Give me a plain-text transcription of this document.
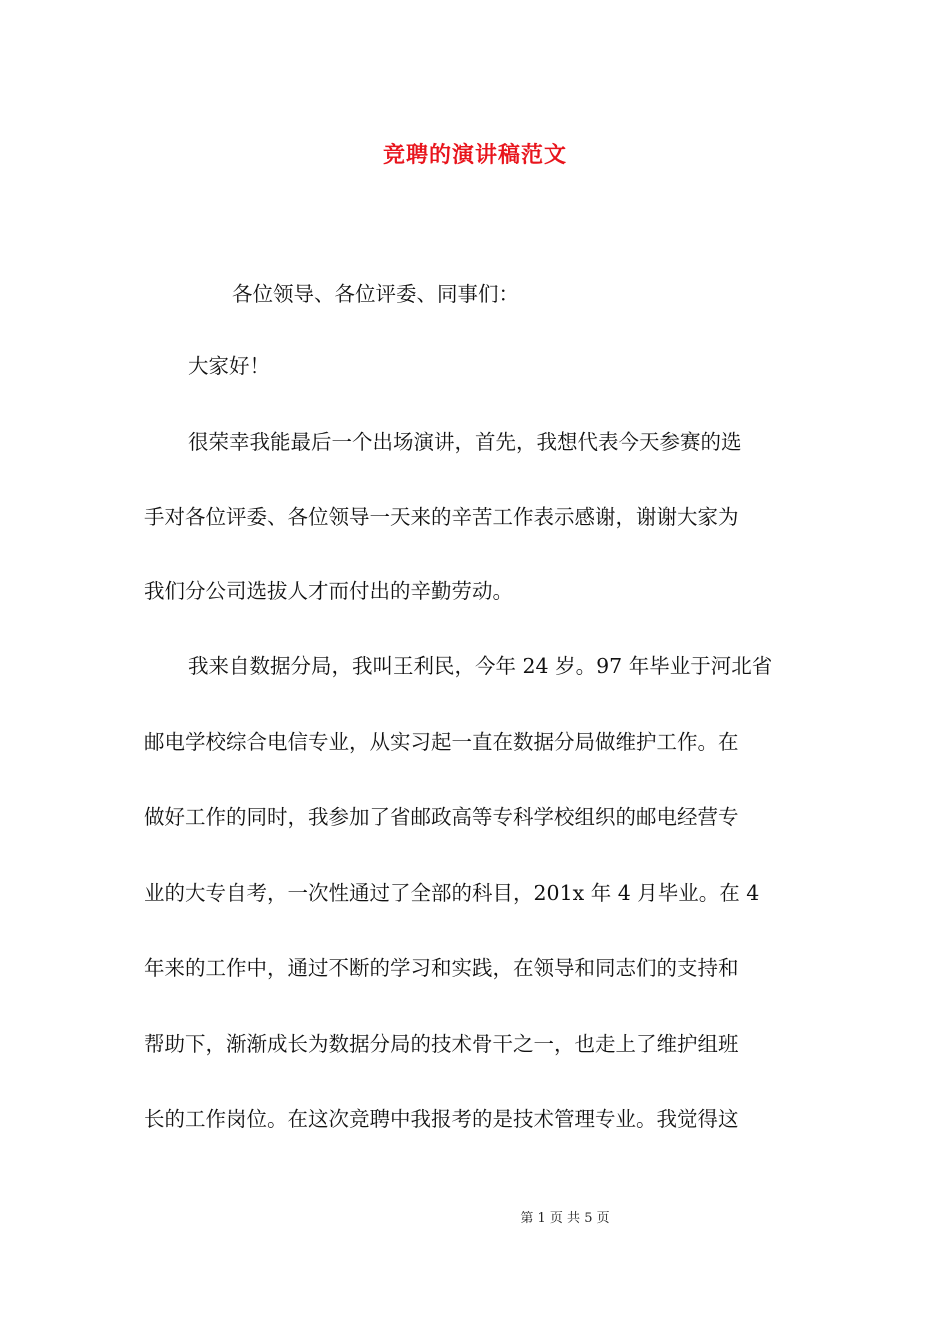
竞聘的演讲稿范文
各位领导、各位评委、同事们：
大家好！
很荣幸我能最后一个出场演讲，首先，我想代表今天参赛的选
手对各位评委、各位领导一天来的辛苦工作表示感谢，谢谢大家为
我们分公司选拔人才而付出的辛勤劳动。
我来自数据分局，我叫王利民，今年 24 岁。97 年毕业于河北省
邮电学校综合电信专业，从实习起一直在数据分局做维护工作。在
做好工作的同时，我参加了省邮政高等专科学校组织的邮电经营专
业的大专自考，一次性通过了全部的科目，201x 年 4 月毕业。在 4
年来的工作中，通过不断的学习和实践，在领导和同志们的支持和
帮助下，渐渐成长为数据分局的技术骨干之一，也走上了维护组班
长的工作岗位。在这次竞聘中我报考的是技术管理专业。我觉得这
第 1 页 共 5 页
